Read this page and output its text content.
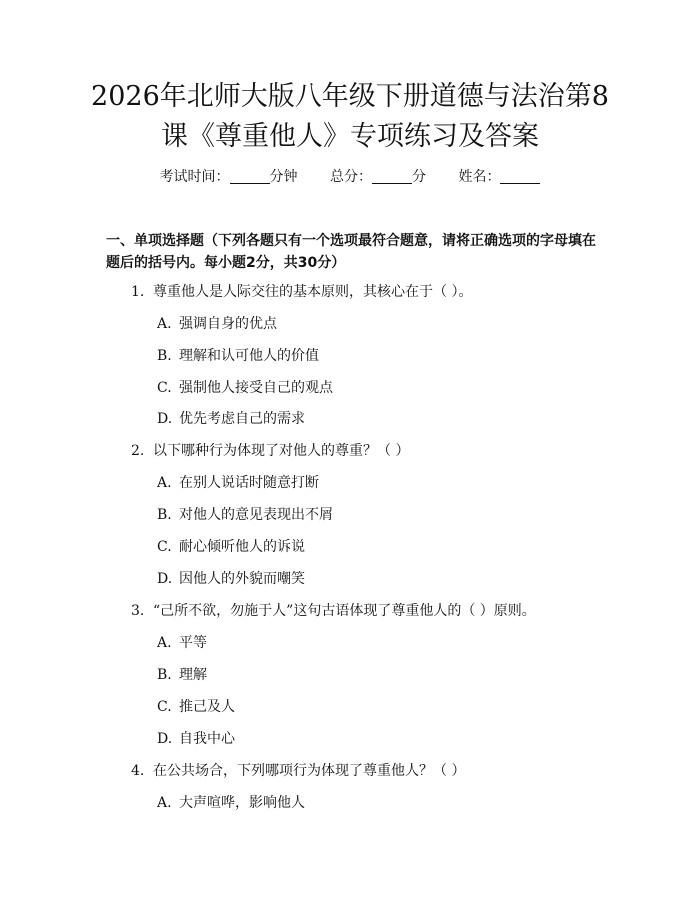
2026年北师大版八年级下册道德与法治第8
课《尊重他人》专项练习及答案
考试时间：	分钟 总分：	分 姓名：
一、单项选择题（下列各题只有一个选项最符合题意，请将正确选项的字母填在
题后的括号内。每小题2分，共30分）
1. 尊重他人是人际交往的基本原则，其核心在于（ ）。
A. 强调自身的优点
B. 理解和认可他人的价值
C. 强制他人接受自己的观点
D. 优先考虑自己的需求
2. 以下哪种行为体现了对他人的尊重？（ ）
A. 在别人说话时随意打断
B. 对他人的意见表现出不屑
C. 耐心倾听他人的诉说
D. 因他人的外貌而嘲笑
3. “己所不欲，勿施于人”这句古语体现了尊重他人的（ ）原则。
A. 平等
B. 理解
C. 推己及人
D. 自我中心
4. 在公共场合，下列哪项行为体现了尊重他人？（ ）
A. 大声喧哗，影响他人
